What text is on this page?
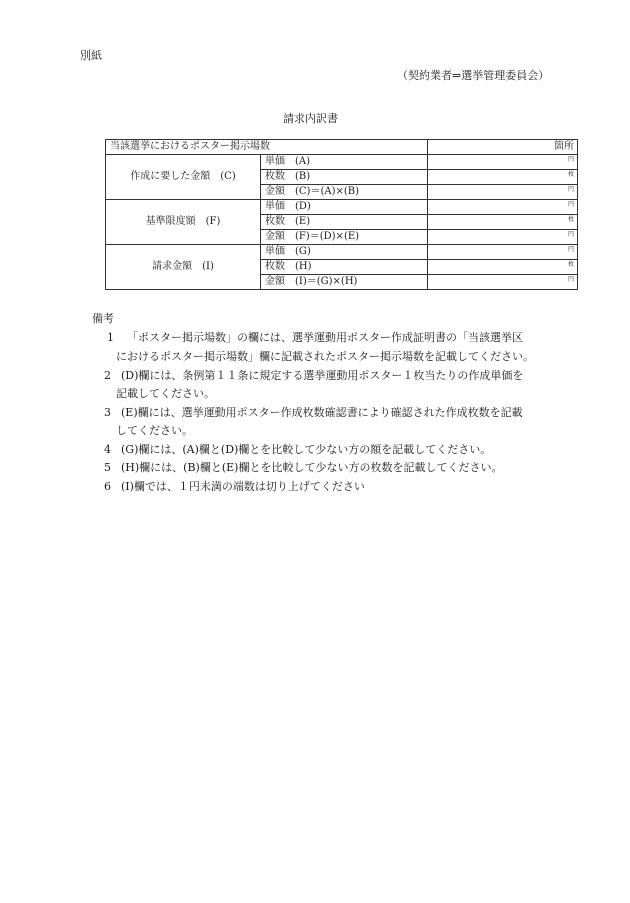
別紙
（契約業者⇒選挙管理委員会）
請求内訳書
当該選挙におけるポスター掲示場数		箇所
作成に要した金額　(C)	単価　(A)	円
	枚数　(B)	枚
	金額　(C)＝(A)×(B)	円
基準限度額　(F)	単価　(D)	円
	枚数　(E)	枚
	金額　(F)＝(D)×(E)	円
請求金額　(I)	単価　(G)	円
	枚数　(H)	枚
	金額　(I)＝(G)×(H)	円
備考
1 「ポスター掲示場数」の欄には、選挙運動用ポスター作成証明書の「当該選挙区
におけるポスター掲示場数」欄に記載されたポスター掲示場数を記載してください。
2 (D)欄には、条例第１１条に規定する選挙運動用ポスター１枚当たりの作成単価を
記載してください。
3 (E)欄には、選挙運動用ポスター作成枚数確認書により確認された作成枚数を記載
してください。
4 (G)欄には、(A)欄と(D)欄とを比較して少ない方の額を記載してください。
5 (H)欄には、(B)欄と(E)欄とを比較して少ない方の枚数を記載してください。
6 (I)欄では、１円未満の端数は切り上げてください
